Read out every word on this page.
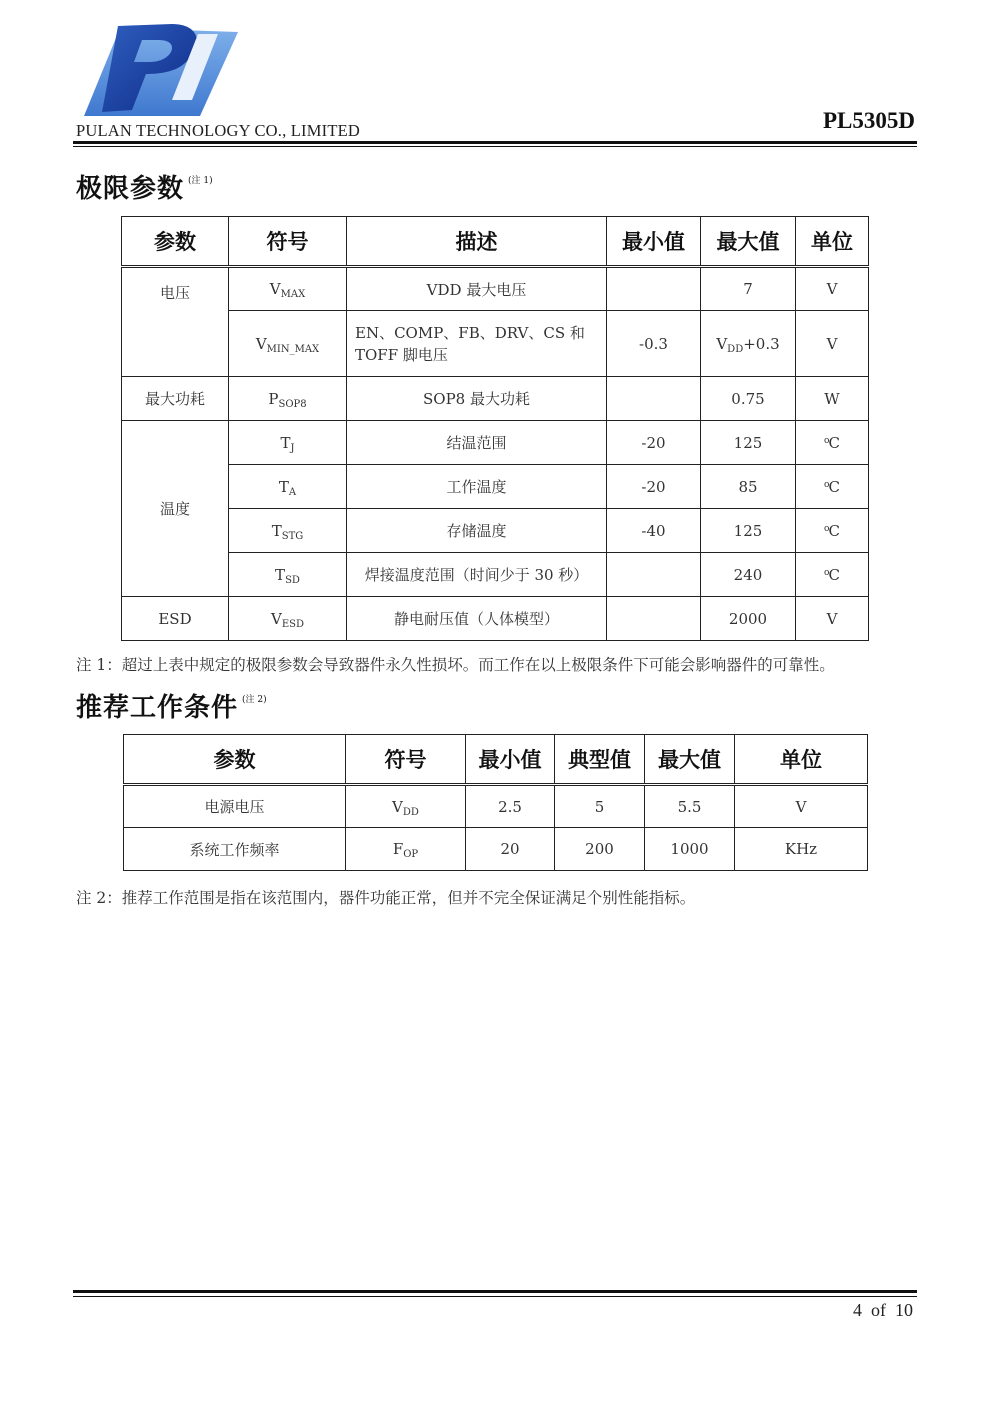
PULAN TECHNOLOGY CO., LIMITED	PL5305D
极限参数 $^{(注 1)}$
参数	符号	描述	最小值	最大值	单位
电压	$V_{MAX}$	VDD 最大电压		7	V
	$V_{MIN\_MAX}$	EN、COMP、FB、DRV、CS 和 TOFF 脚电压	-0.3	$V_{DD}+0.3$	V
最大功耗	$P_{SOP8}$	SOP8 最大功耗		0.75	W
温度	$T_J$	结温范围	-20	125	$^o$C
	$T_A$	工作温度	-20	85	$^o$C
	$T_{STG}$	存储温度	-40	125	$^o$C
	$T_{SD}$	焊接温度范围（时间少于 30 秒）		240	$^o$C
ESD	$V_{ESD}$	静电耐压值（人体模型）		2000	V
注 1：超过上表中规定的极限参数会导致器件永久性损坏。而工作在以上极限条件下可能会影响器件的可靠性。
推荐工作条件 $^{(注 2)}$
参数	符号	最小值	典型值	最大值	单位
电源电压	$V_{DD}$	2.5	5	5.5	V
系统工作频率	$F_{OP}$	20	200	1000	KHz
注 2：推荐工作范围是指在该范围内，器件功能正常，但并不完全保证满足个别性能指标。
4 of 10
